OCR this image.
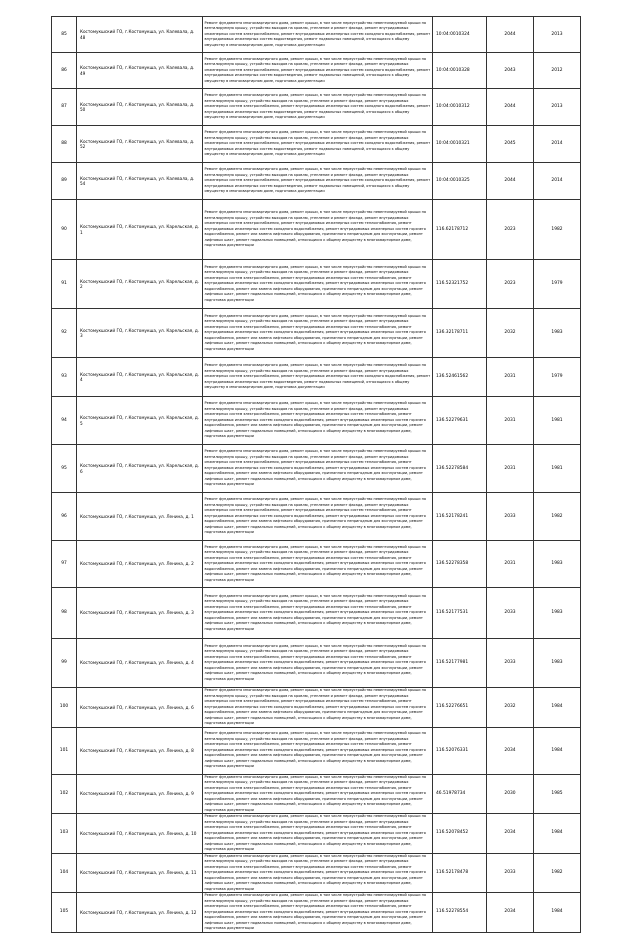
85	Костомукшский ГО, г.Костомукша, ул. Калевала, д. 48	Ремонт фундамента многоквартирного дома, ремонт крыши, в том числе переустройство невентилируемой крыши на вентилируемую крышу, устройство выходов на кровлю, утепление и ремонт фасада, ремонт внутридомовых инженерных систем электроснабжения, ремонт внутридомовых инженерных систем холодного водоснабжения, ремонт внутридомовых инженерных систем водоотведения, ремонт подвальных помещений, относящихся к общему имуществу в многоквартирном доме, подготовка документации	10:04:0010324	2044	2013
86	Костомукшский ГО, г.Костомукша, ул. Калевала, д. 49	Ремонт фундамента многоквартирного дома, ремонт крыши, в том числе переустройство невентилируемой крыши на вентилируемую крышу, устройство выходов на кровлю, утепление и ремонт фасада, ремонт внутридомовых инженерных систем электроснабжения, ремонт внутридомовых инженерных систем холодного водоснабжения, ремонт внутридомовых инженерных систем водоотведения, ремонт подвальных помещений, относящихся к общему имуществу в многоквартирном доме, подготовка документации	10:04:0010328	2043	2012
87	Костомукшский ГО, г.Костомукша, ул. Калевала, д. 50	Ремонт фундамента многоквартирного дома, ремонт крыши, в том числе переустройство невентилируемой крыши на вентилируемую крышу, устройство выходов на кровлю, утепление и ремонт фасада, ремонт внутридомовых инженерных систем электроснабжения, ремонт внутридомовых инженерных систем холодного водоснабжения, ремонт внутридомовых инженерных систем водоотведения, ремонт подвальных помещений, относящихся к общему имуществу в многоквартирном доме, подготовка документации	10:04:0010312	2044	2013
88	Костомукшский ГО, г.Костомукша, ул. Калевала, д. 52	Ремонт фундамента многоквартирного дома, ремонт крыши, в том числе переустройство невентилируемой крыши на вентилируемую крышу, устройство выходов на кровлю, утепление и ремонт фасада, ремонт внутридомовых инженерных систем электроснабжения, ремонт внутридомовых инженерных систем холодного водоснабжения, ремонт внутридомовых инженерных систем водоотведения, ремонт подвальных помещений, относящихся к общему имуществу в многоквартирном доме, подготовка документации	10:04:0010321	2045	2014
89	Костомукшский ГО, г.Костомукша, ул. Калевала, д. 54	Ремонт фундамента многоквартирного дома, ремонт крыши, в том числе переустройство невентилируемой крыши на вентилируемую крышу, устройство выходов на кровлю, утепление и ремонт фасада, ремонт внутридомовых инженерных систем электроснабжения, ремонт внутридомовых инженерных систем холодного водоснабжения, ремонт внутридомовых инженерных систем водоотведения, ремонт подвальных помещений, относящихся к общему имуществу в многоквартирном доме, подготовка документации	10:04:0010325	2044	2014
90	Костомукшский ГО, г.Костомукша, ул. Карельская, д. 1	Ремонт фундамента многоквартирного дома, ремонт крыши, в том числе переустройство невентилируемой крыши на вентилируемую крышу, устройство выходов на кровлю, утепление и ремонт фасада, ремонт внутридомовых инженерных систем электроснабжения, ремонт внутридомовых инженерных систем теплоснабжения, ремонт внутридомовых инженерных систем холодного водоснабжения, ремонт внутридомовых инженерных систем горячего водоснабжения, ремонт или замена лифтового оборудования, признанного непригодным для эксплуатации, ремонт лифтовых шахт, ремонт подвальных помещений, относящихся к общему имуществу в многоквартирном доме, подготовка документации	116.62178712	2023	1982
91	Костомукшский ГО, г.Костомукша, ул. Карельская, д. 2	Ремонт фундамента многоквартирного дома, ремонт крыши, в том числе переустройство невентилируемой крыши на вентилируемую крышу, устройство выходов на кровлю, утепление и ремонт фасада, ремонт внутридомовых инженерных систем электроснабжения, ремонт внутридомовых инженерных систем теплоснабжения, ремонт внутридомовых инженерных систем холодного водоснабжения, ремонт внутридомовых инженерных систем горячего водоснабжения, ремонт или замена лифтового оборудования, признанного непригодным для эксплуатации, ремонт лифтовых шахт, ремонт подвальных помещений, относящихся к общему имуществу в многоквартирном доме, подготовка документации	116.52321752	2023	1979
92	Костомукшский ГО, г.Костомукша, ул. Карельская, д. 3	Ремонт фундамента многоквартирного дома, ремонт крыши, в том числе переустройство невентилируемой крыши на вентилируемую крышу, устройство выходов на кровлю, утепление и ремонт фасада, ремонт внутридомовых инженерных систем электроснабжения, ремонт внутридомовых инженерных систем теплоснабжения, ремонт внутридомовых инженерных систем холодного водоснабжения, ремонт внутридомовых инженерных систем горячего водоснабжения, ремонт или замена лифтового оборудования, признанного непригодным для эксплуатации, ремонт лифтовых шахт, ремонт подвальных помещений, относящихся к общему имуществу в многоквартирном доме, подготовка документации	136.32178711	2032	1983
93	Костомукшский ГО, г.Костомукша, ул. Карельская, д. 4	Ремонт фундамента многоквартирного дома, ремонт крыши, в том числе переустройство невентилируемой крыши на вентилируемую крышу, устройство выходов на кровлю, утепление и ремонт фасада, ремонт внутридомовых инженерных систем электроснабжения, ремонт внутридомовых инженерных систем холодного водоснабжения, ремонт внутридомовых инженерных систем водоотведения, ремонт подвальных помещений, относящихся к общему имуществу в многоквартирном доме, подготовка документации	136.52461562	2031	1979
94	Костомукшский ГО, г.Костомукша, ул. Карельская, д. 5	Ремонт фундамента многоквартирного дома, ремонт крыши, в том числе переустройство невентилируемой крыши на вентилируемую крышу, устройство выходов на кровлю, утепление и ремонт фасада, ремонт внутридомовых инженерных систем электроснабжения, ремонт внутридомовых инженерных систем теплоснабжения, ремонт внутридомовых инженерных систем холодного водоснабжения, ремонт внутридомовых инженерных систем горячего водоснабжения, ремонт или замена лифтового оборудования, признанного непригодным для эксплуатации, ремонт лифтовых шахт, ремонт подвальных помещений, относящихся к общему имуществу в многоквартирном доме, подготовка документации	136.52279631	2031	1981
95	Костомукшский ГО, г.Костомукша, ул. Карельская, д. 6	Ремонт фундамента многоквартирного дома, ремонт крыши, в том числе переустройство невентилируемой крыши на вентилируемую крышу, устройство выходов на кровлю, утепление и ремонт фасада, ремонт внутридомовых инженерных систем электроснабжения, ремонт внутридомовых инженерных систем теплоснабжения, ремонт внутридомовых инженерных систем холодного водоснабжения, ремонт внутридомовых инженерных систем горячего водоснабжения, ремонт или замена лифтового оборудования, признанного непригодным для эксплуатации, ремонт лифтовых шахт, ремонт подвальных помещений, относящихся к общему имуществу в многоквартирном доме, подготовка документации	136.52278584	2031	1981
96	Костомукшский ГО, г.Костомукша, ул. Ленина, д. 1	Ремонт фундамента многоквартирного дома, ремонт крыши, в том числе переустройство невентилируемой крыши на вентилируемую крышу, устройство выходов на кровлю, утепление и ремонт фасада, ремонт внутридомовых инженерных систем электроснабжения, ремонт внутридомовых инженерных систем теплоснабжения, ремонт внутридомовых инженерных систем холодного водоснабжения, ремонт внутридомовых инженерных систем горячего водоснабжения, ремонт или замена лифтового оборудования, признанного непригодным для эксплуатации, ремонт лифтовых шахт, ремонт подвальных помещений, относящихся к общему имуществу в многоквартирном доме, подготовка документации	116.52178241	2033	1982
97	Костомукшский ГО, г.Костомукша, ул. Ленина, д. 2	Ремонт фундамента многоквартирного дома, ремонт крыши, в том числе переустройство невентилируемой крыши на вентилируемую крышу, устройство выходов на кровлю, утепление и ремонт фасада, ремонт внутридомовых инженерных систем электроснабжения, ремонт внутридомовых инженерных систем теплоснабжения, ремонт внутридомовых инженерных систем холодного водоснабжения, ремонт внутридомовых инженерных систем горячего водоснабжения, ремонт или замена лифтового оборудования, признанного непригодным для эксплуатации, ремонт лифтовых шахт, ремонт подвальных помещений, относящихся к общему имуществу в многоквартирном доме, подготовка документации	136.52278358	2031	1983
98	Костомукшский ГО, г.Костомукша, ул. Ленина, д. 3	Ремонт фундамента многоквартирного дома, ремонт крыши, в том числе переустройство невентилируемой крыши на вентилируемую крышу, устройство выходов на кровлю, утепление и ремонт фасада, ремонт внутридомовых инженерных систем электроснабжения, ремонт внутридомовых инженерных систем теплоснабжения, ремонт внутридомовых инженерных систем холодного водоснабжения, ремонт внутридомовых инженерных систем горячего водоснабжения, ремонт или замена лифтового оборудования, признанного непригодным для эксплуатации, ремонт лифтовых шахт, ремонт подвальных помещений, относящихся к общему имуществу в многоквартирном доме, подготовка документации	116.52177531	2033	1983
99	Костомукшский ГО, г.Костомукша, ул. Ленина, д. 4	Ремонт фундамента многоквартирного дома, ремонт крыши, в том числе переустройство невентилируемой крыши на вентилируемую крышу, устройство выходов на кровлю, утепление и ремонт фасада, ремонт внутридомовых инженерных систем электроснабжения, ремонт внутридомовых инженерных систем теплоснабжения, ремонт внутридомовых инженерных систем холодного водоснабжения, ремонт внутридомовых инженерных систем горячего водоснабжения, ремонт или замена лифтового оборудования, признанного непригодным для эксплуатации, ремонт лифтовых шахт, ремонт подвальных помещений, относящихся к общему имуществу в многоквартирном доме, подготовка документации	116.52177981	2033	1983
100	Костомукшский ГО, г.Костомукша, ул. Ленина, д. 6	Ремонт фундамента многоквартирного дома, ремонт крыши, в том числе переустройство невентилируемой крыши на вентилируемую крышу, устройство выходов на кровлю, утепление и ремонт фасада, ремонт внутридомовых инженерных систем электроснабжения, ремонт внутридомовых инженерных систем теплоснабжения, ремонт внутридомовых инженерных систем холодного водоснабжения, ремонт внутридомовых инженерных систем горячего водоснабжения, ремонт или замена лифтового оборудования, признанного непригодным для эксплуатации, ремонт лифтовых шахт, ремонт подвальных помещений, относящихся к общему имуществу в многоквартирном доме, подготовка документации	116.52276651	2032	1984
101	Костомукшский ГО, г.Костомукша, ул. Ленина, д. 8	Ремонт фундамента многоквартирного дома, ремонт крыши, в том числе переустройство невентилируемой крыши на вентилируемую крышу, устройство выходов на кровлю, утепление и ремонт фасада, ремонт внутридомовых инженерных систем электроснабжения, ремонт внутридомовых инженерных систем теплоснабжения, ремонт внутридомовых инженерных систем холодного водоснабжения, ремонт внутридомовых инженерных систем горячего водоснабжения, ремонт или замена лифтового оборудования, признанного непригодным для эксплуатации, ремонт лифтовых шахт, ремонт подвальных помещений, относящихся к общему имуществу в многоквартирном доме, подготовка документации	116.52076331	2034	1984
102	Костомукшский ГО, г.Костомукша, ул. Ленина, д. 9	Ремонт фундамента многоквартирного дома, ремонт крыши, в том числе переустройство невентилируемой крыши на вентилируемую крышу, устройство выходов на кровлю, утепление и ремонт фасада, ремонт внутридомовых инженерных систем электроснабжения, ремонт внутридомовых инженерных систем теплоснабжения, ремонт внутридомовых инженерных систем холодного водоснабжения, ремонт внутридомовых инженерных систем горячего водоснабжения, ремонт или замена лифтового оборудования, признанного непригодным для эксплуатации, ремонт лифтовых шахт, ремонт подвальных помещений, относящихся к общему имуществу в многоквартирном доме, подготовка документации	46.51978734	2030	1985
103	Костомукшский ГО, г.Костомукша, ул. Ленина, д. 10	Ремонт фундамента многоквартирного дома, ремонт крыши, в том числе переустройство невентилируемой крыши на вентилируемую крышу, устройство выходов на кровлю, утепление и ремонт фасада, ремонт внутридомовых инженерных систем электроснабжения, ремонт внутридомовых инженерных систем теплоснабжения, ремонт внутридомовых инженерных систем холодного водоснабжения, ремонт внутридомовых инженерных систем горячего водоснабжения, ремонт или замена лифтового оборудования, признанного непригодным для эксплуатации, ремонт лифтовых шахт, ремонт подвальных помещений, относящихся к общему имуществу в многоквартирном доме, подготовка документации	116.52078452	2034	1984
104	Костомукшский ГО, г.Костомукша, ул. Ленина, д. 11	Ремонт фундамента многоквартирного дома, ремонт крыши, в том числе переустройство невентилируемой крыши на вентилируемую крышу, устройство выходов на кровлю, утепление и ремонт фасада, ремонт внутридомовых инженерных систем электроснабжения, ремонт внутридомовых инженерных систем теплоснабжения, ремонт внутридомовых инженерных систем холодного водоснабжения, ремонт внутридомовых инженерных систем горячего водоснабжения, ремонт или замена лифтового оборудования, признанного непригодным для эксплуатации, ремонт лифтовых шахт, ремонт подвальных помещений, относящихся к общему имуществу в многоквартирном доме, подготовка документации	116.52178478	2033	1982
105	Костомукшский ГО, г.Костомукша, ул. Ленина, д. 12	Ремонт фундамента многоквартирного дома, ремонт крыши, в том числе переустройство невентилируемой крыши на вентилируемую крышу, устройство выходов на кровлю, утепление и ремонт фасада, ремонт внутридомовых инженерных систем электроснабжения, ремонт внутридомовых инженерных систем теплоснабжения, ремонт внутридомовых инженерных систем холодного водоснабжения, ремонт внутридомовых инженерных систем горячего водоснабжения, ремонт или замена лифтового оборудования, признанного непригодным для эксплуатации, ремонт лифтовых шахт, ремонт подвальных помещений, относящихся к общему имуществу в многоквартирном доме, подготовка документации	116.52278554	2034	1984
